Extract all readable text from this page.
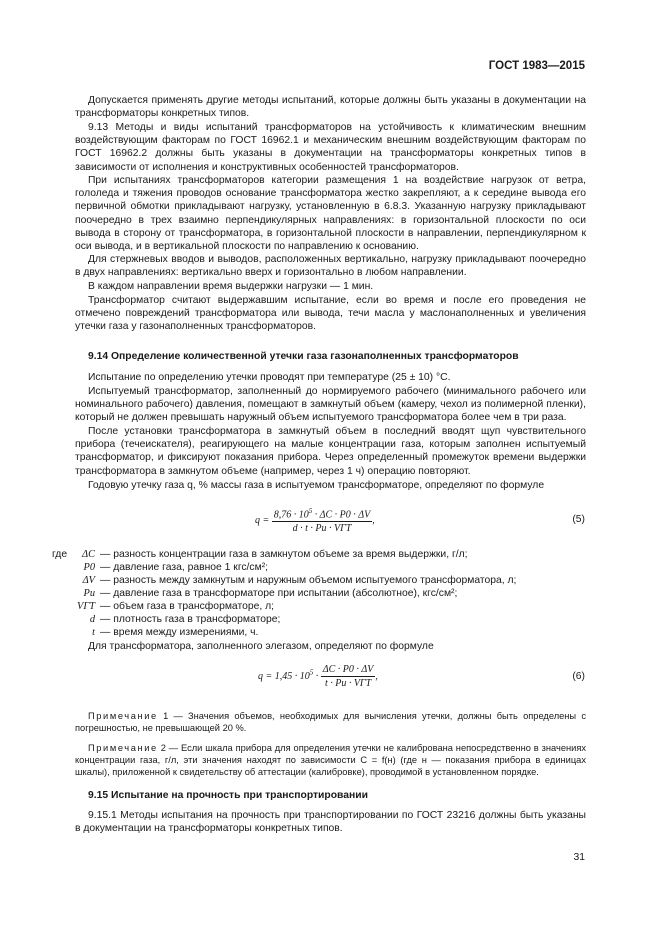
ГОСТ 1983—2015

Допускается применять другие методы испытаний, которые должны быть указаны в документации на трансформаторы конкретных типов.

9.13 Методы и виды испытаний трансформаторов на устойчивость к климатическим внешним воздействующим факторам по ГОСТ 16962.1 и механическим внешним воздействующим факторам по ГОСТ 16962.2 должны быть указаны в документации на трансформаторы конкретных типов в зависимости от исполнения и конструктивных особенностей трансформаторов.

При испытаниях трансформаторов категории размещения 1 на воздействие нагрузок от ветра, гололеда и тяжения проводов основание трансформатора жестко закрепляют, а к середине вывода его первичной обмотки прикладывают нагрузку, установленную в 6.8.3. Указанную нагрузку прикладывают поочередно в трех взаимно перпендикулярных направлениях: в горизонтальной плоскости по оси вывода в сторону от трансформатора, в горизонтальной плоскости в направлении, перпендикулярном к оси вывода, и в вертикальной плоскости по направлению к основанию.

Для стержневых вводов и выводов, расположенных вертикально, нагрузку прикладывают поочередно в двух направлениях: вертикально вверх и горизонтально в любом направлении.

В каждом направлении время выдержки нагрузки — 1 мин.

Трансформатор считают выдержавшим испытание, если во время и после его проведения не отмечено повреждений трансформатора или вывода, течи масла у маслонаполненных и увеличения утечки газа у газонаполненных трансформаторов.

9.14 Определение количественной утечки газа газонаполненных трансформаторов

Испытание по определению утечки проводят при температуре (25 ± 10) °С.

Испытуемый трансформатор, заполненный до нормируемого рабочего (минимального рабочего или номинального рабочего) давления, помещают в замкнутый объем (камеру, чехол из полимерной пленки), который не должен превышать наружный объем испытуемого трансформатора более чем в три раза.

После установки трансформатора в замкнутый объем в последний вводят щуп чувствительного прибора (течеискателя), реагирующего на малые концентрации газа, которым заполнен испытуемый трансформатор, и фиксируют показания прибора. Через определенный промежуток времени выдержки трансформатора в замкнутом объеме (например, через 1 ч) операцию повторяют.

Годовую утечку газа q, % массы газа в испытуемом трансформаторе, определяют по формуле

$q = \frac{8,76 \cdot 10^5 \cdot \Delta C \cdot P0 \cdot \Delta V}{\text{d · t · Pи · VГТ}}$ ,	(5)
где	ΔC — разность концентрации газа в замкнутом объеме за время выдержки, г/л;
P0 — давление газа, равное 1 кгс/см²;
ΔV — разность между замкнутым и наружным объемом испытуемого трансформатора, л;
Pи — давление газа в трансформаторе при испытании (абсолютное), кгс/см²;
VГТ — объем газа в трансформаторе, л;
d — плотность газа в трансформаторе;
t — время между измерениями, ч.

Для трансформатора, заполненного элегазом, определяют по формуле

$q = 1,45 \cdot 10^5 \cdot \frac{\Delta C \cdot P0 \cdot \Delta V}{\text{t · Pи · VГТ}}$ ,	(6)

Примечание 1 — Значения объемов, необходимых для вычисления утечки, должны быть определены с погрешностью, не превышающей 20 %.

Примечание 2 — Если шкала прибора для определения утечки не калибрована непосредственно в значениях концентрации газа, г/л, эти значения находят по зависимости C = f(н) (где н — показания прибора в единицах шкалы), приложенной к свидетельству об аттестации (калибровке), проводимой в установленном порядке.

9.15 Испытание на прочность при транспортировании

9.15.1 Методы испытания на прочность при транспортировании по ГОСТ 23216 должны быть указаны в документации на трансформаторы конкретных типов.

31
